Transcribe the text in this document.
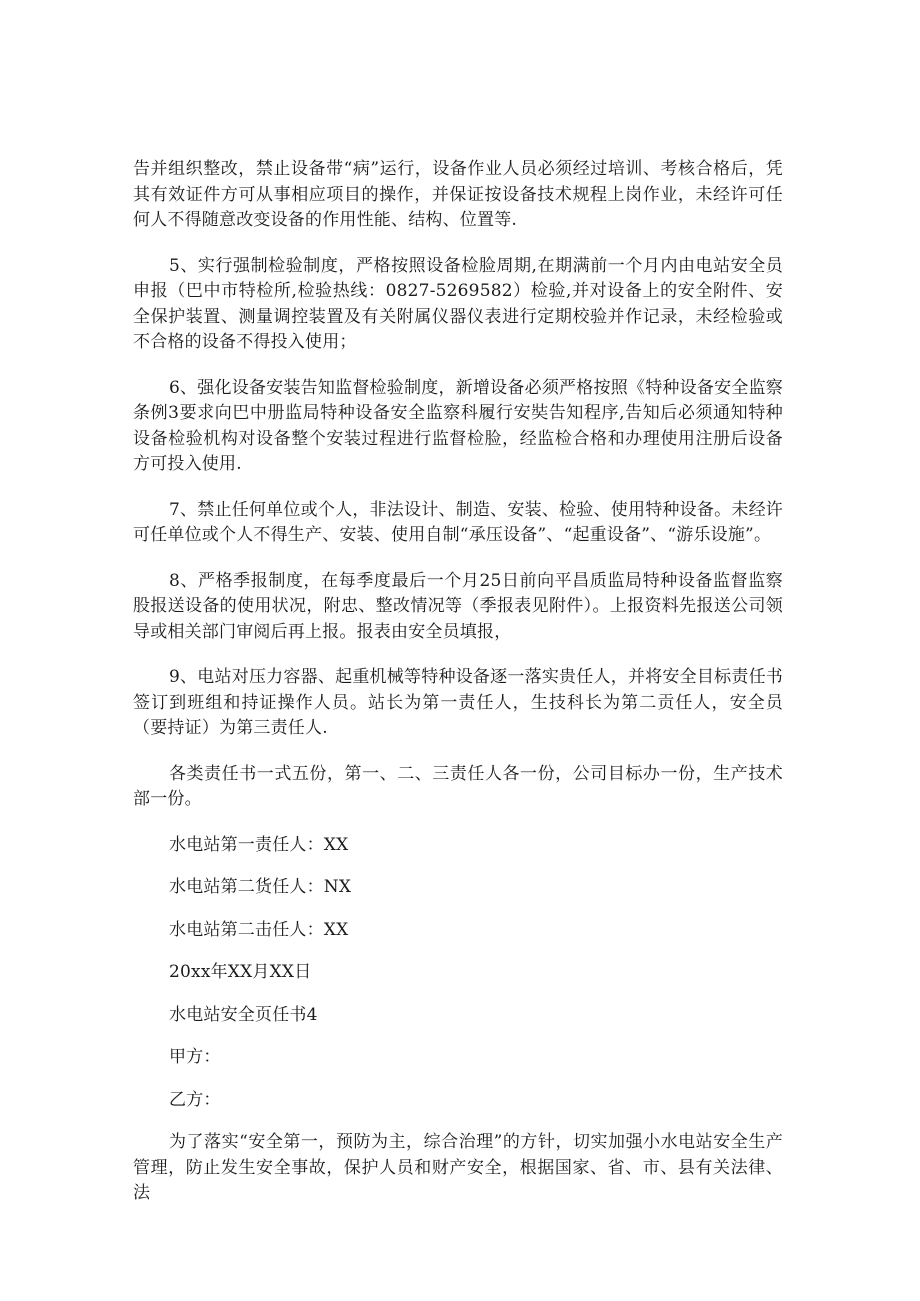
告并组织整改，禁止设备带“病”运行，设备作业人员必须经过培训、考核合格后，凭其有效证件方可从事相应项目的操作，并保证按设备技术规程上岗作业，未经许可任何人不得随意改变设备的作用性能、结构、位置等.

5、实行强制检验制度，严格按照设备检脸周期,在期满前一个月内由电站安全员申报（巴中市特检所,检验热线：0827-5269582）检验,并对设备上的安全附件、安全保护装置、测量调控装置及有关附属仪器仪表进行定期校验并作记录，未经检验或不合格的设备不得投入使用；

6、强化设备安装告知监督检验制度，新增设备必须严格按照《特种设备安全监察条例3要求向巴中册监局特种设备安全监察科履行安奘告知程序,告知后必须通知特种设备检验机构对设备整个安装过程进行监督检脸，经监检合格和办理使用注册后设备方可投入使用.

7、禁止任何单位或个人，非法设计、制造、安装、检验、使用特种设备。未经许可任单位或个人不得生产、安装、使用自制“承压设备”、“起重设备”、“游乐设施”。

8、严格季报制度，在每季度最后一个月25日前向平昌质监局特种设备监督监察股报送设备的使用状况，附忠、整改情况等（季报表见附件）。上报资料先报送公司领导或相关部门审阅后再上报。报表由安全员填报，

9、电站对压力容器、起重机械等特种设备逐一落实贵任人，并将安全目标责任书签订到班组和持证操作人员。站长为第一责任人，生技科长为第二贡任人，安全员（要持证）为第三责任人.

各类责任书一式五份，第一、二、三责任人各一份，公司目标办一份，生产技术部一份。

水电站第一责任人：XX
水电站第二货任人：NX
水电站第二击任人：XX
20xx年XX月XX日
水电站安全页任书4
甲方：
乙方：

为了落实“安全第一，预防为主，综合治理”的方针，切实加强小水电站安全生产管理，防止发生安全事故，保护人员和财产安全，根据国家、省、市、县有关法律、法
